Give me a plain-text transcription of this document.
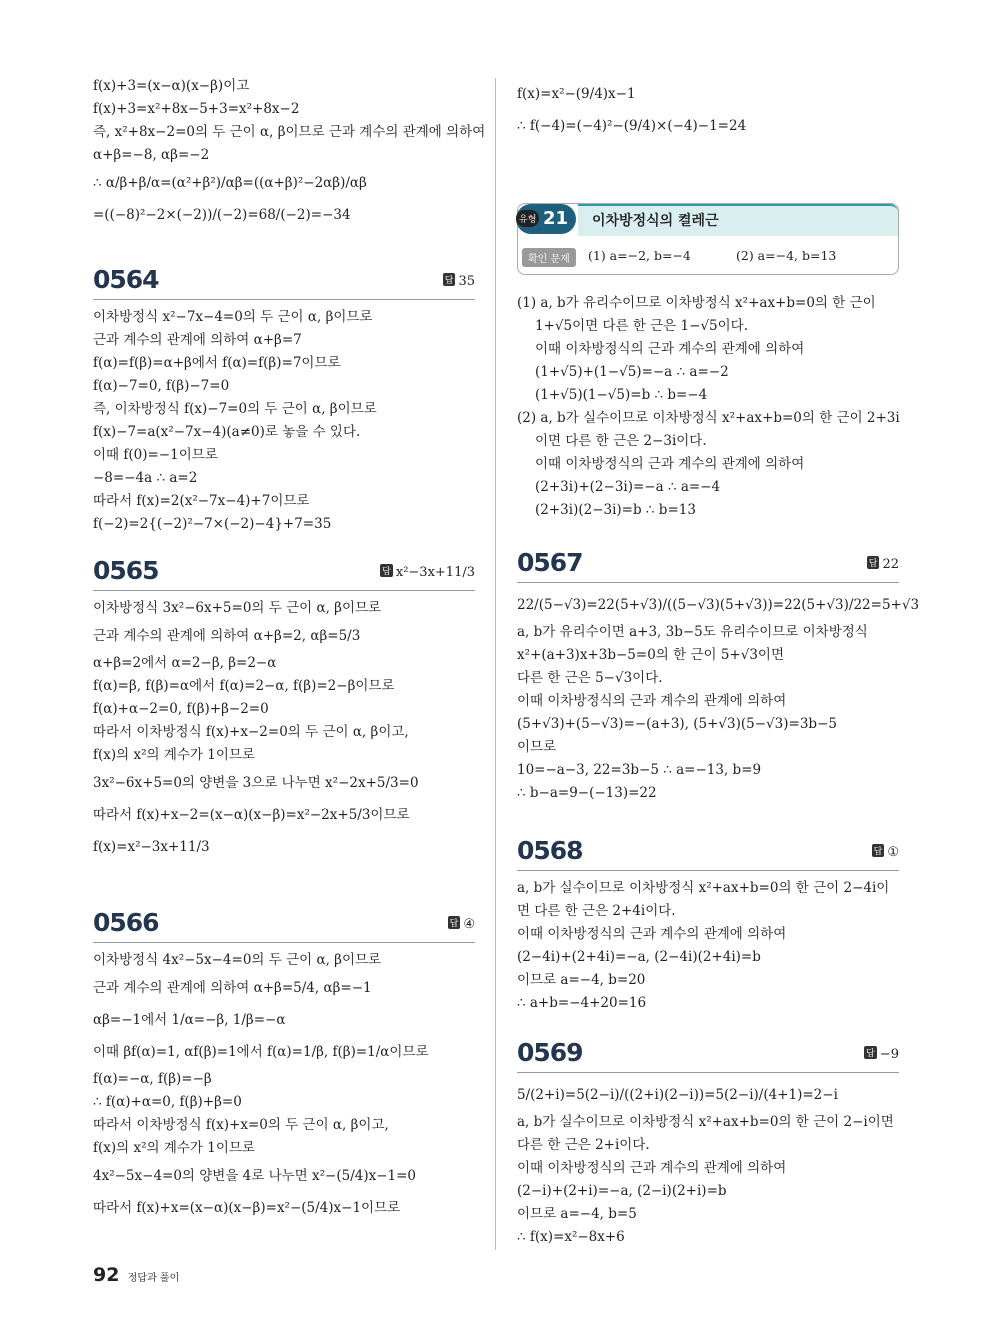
f(x)+3=(x−α)(x−β)이고
f(x)+3=x²+8x−5+3=x²+8x−2
즉, x²+8x−2=0의 두 근이 α, β이므로 근과 계수의 관계에 의하여
α+β=−8, αβ=−2
∴ α/β+β/α=(α²+β²)/αβ=((α+β)²−2αβ)/αβ
=((−8)²−2×(−2))/(−2)=68/(−2)=−34
0564	답 35
이차방정식 x²−7x−4=0의 두 근이 α, β이므로
근과 계수의 관계에 의하여 α+β=7
f(α)=f(β)=α+β에서 f(α)=f(β)=7이므로
f(α)−7=0, f(β)−7=0
즉, 이차방정식 f(x)−7=0의 두 근이 α, β이므로
f(x)−7=a(x²−7x−4)(a≠0)로 놓을 수 있다.
이때 f(0)=−1이므로
−8=−4a ∴ a=2
따라서 f(x)=2(x²−7x−4)+7이므로
f(−2)=2{(−2)²−7×(−2)−4}+7=35
0565	답 x²−3x+11/3
이차방정식 3x²−6x+5=0의 두 근이 α, β이므로
근과 계수의 관계에 의하여 α+β=2, αβ=5/3
α+β=2에서 α=2−β, β=2−α
f(α)=β, f(β)=α에서 f(α)=2−α, f(β)=2−β이므로
f(α)+α−2=0, f(β)+β−2=0
따라서 이차방정식 f(x)+x−2=0의 두 근이 α, β이고,
f(x)의 x²의 계수가 1이므로
3x²−6x+5=0의 양변을 3으로 나누면 x²−2x+5/3=0
따라서 f(x)+x−2=(x−α)(x−β)=x²−2x+5/3이므로
f(x)=x²−3x+11/3
0566	답 ④
이차방정식 4x²−5x−4=0의 두 근이 α, β이므로
근과 계수의 관계에 의하여 α+β=5/4, αβ=−1
αβ=−1에서 1/α=−β, 1/β=−α
이때 βf(α)=1, αf(β)=1에서 f(α)=1/β, f(β)=1/α이므로
f(α)=−α, f(β)=−β
∴ f(α)+α=0, f(β)+β=0
따라서 이차방정식 f(x)+x=0의 두 근이 α, β이고,
f(x)의 x²의 계수가 1이므로
4x²−5x−4=0의 양변을 4로 나누면 x²−(5/4)x−1=0
따라서 f(x)+x=(x−α)(x−β)=x²−(5/4)x−1이므로
f(x)=x²−(9/4)x−1
∴ f(−4)=(−4)²−(9/4)×(−4)−1=24
이차방정식의 켤레근
21
유형
확인 문제	(1) a=−2, b=−4	(2) a=−4, b=13
(1) a, b가 유리수이므로 이차방정식 x²+ax+b=0의 한 근이
1+√5이면 다른 한 근은 1−√5이다.
이때 이차방정식의 근과 계수의 관계에 의하여
(1+√5)+(1−√5)=−a ∴ a=−2
(1+√5)(1−√5)=b ∴ b=−4
(2) a, b가 실수이므로 이차방정식 x²+ax+b=0의 한 근이 2+3i
이면 다른 한 근은 2−3i이다.
이때 이차방정식의 근과 계수의 관계에 의하여
(2+3i)+(2−3i)=−a ∴ a=−4
(2+3i)(2−3i)=b ∴ b=13
0567	답 22
22/(5−√3)=22(5+√3)/((5−√3)(5+√3))=22(5+√3)/22=5+√3
a, b가 유리수이면 a+3, 3b−5도 유리수이므로 이차방정식
x²+(a+3)x+3b−5=0의 한 근이 5+√3이면
다른 한 근은 5−√3이다.
이때 이차방정식의 근과 계수의 관계에 의하여
(5+√3)+(5−√3)=−(a+3), (5+√3)(5−√3)=3b−5
이므로
10=−a−3, 22=3b−5 ∴ a=−13, b=9
∴ b−a=9−(−13)=22
0568	답 ①
a, b가 실수이므로 이차방정식 x²+ax+b=0의 한 근이 2−4i이
면 다른 한 근은 2+4i이다.
이때 이차방정식의 근과 계수의 관계에 의하여
(2−4i)+(2+4i)=−a, (2−4i)(2+4i)=b
이므로 a=−4, b=20
∴ a+b=−4+20=16
0569	답 −9
5/(2+i)=5(2−i)/((2+i)(2−i))=5(2−i)/(4+1)=2−i
a, b가 실수이므로 이차방정식 x²+ax+b=0의 한 근이 2−i이면
다른 한 근은 2+i이다.
이때 이차방정식의 근과 계수의 관계에 의하여
(2−i)+(2+i)=−a, (2−i)(2+i)=b
이므로 a=−4, b=5
∴ f(x)=x²−8x+6
92 정답과 풀이
